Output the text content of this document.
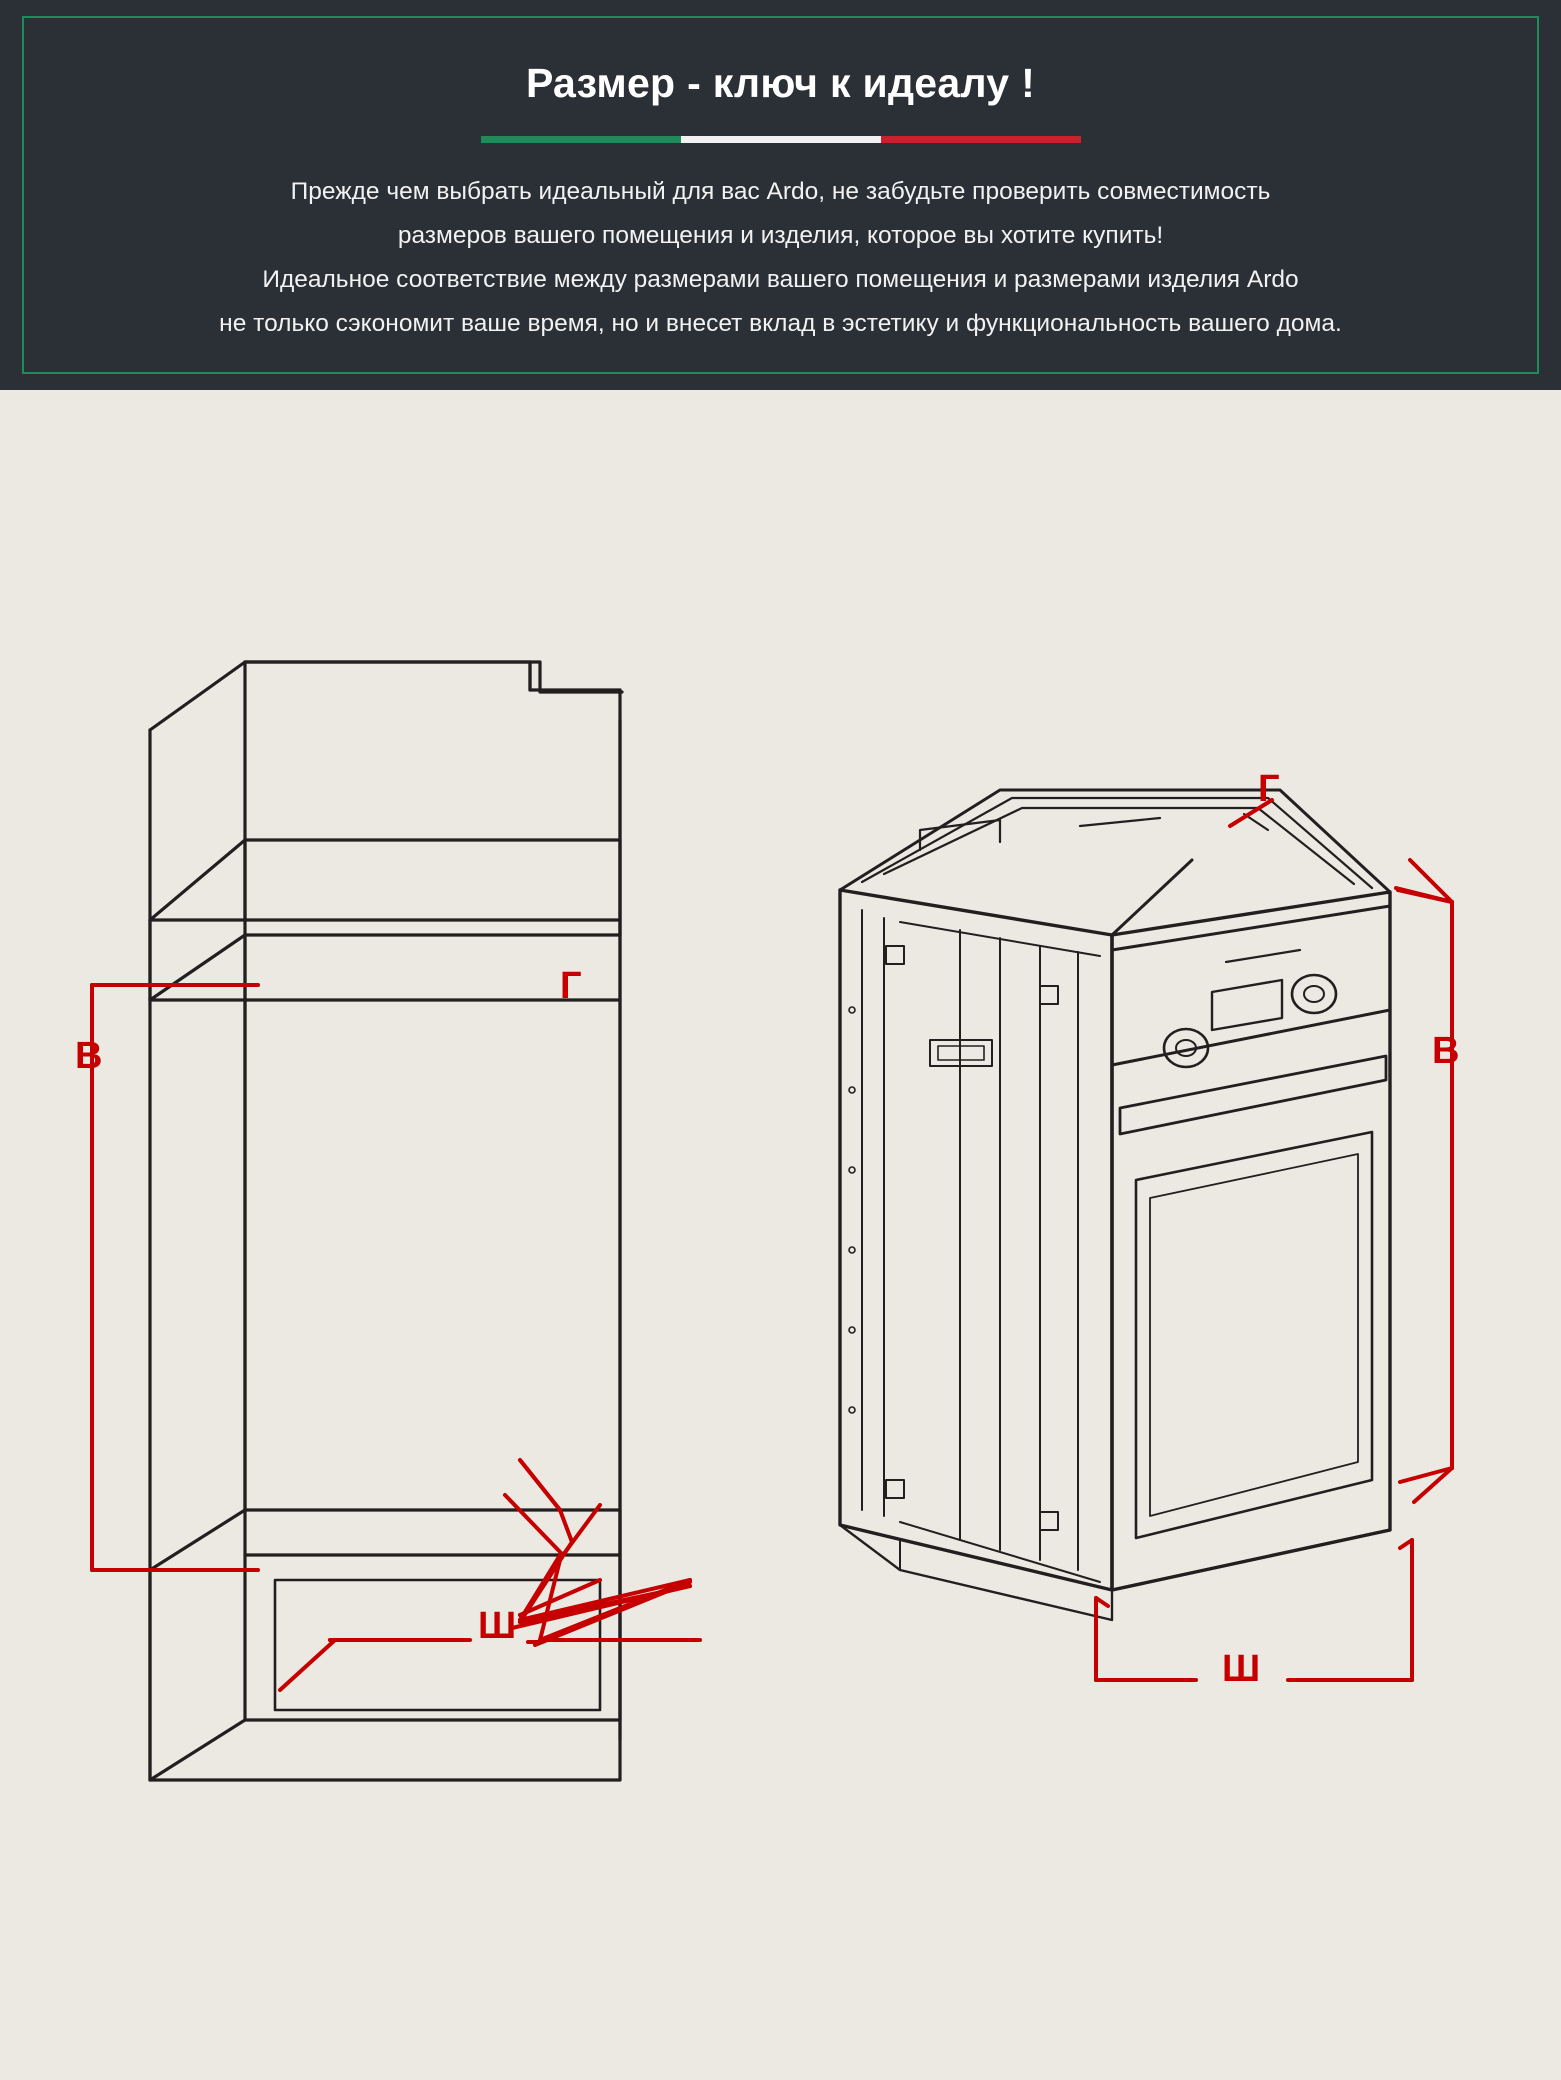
Размер - ключ к идеалу !
Прежде чем выбрать идеальный для вас Ardo, не забудьте проверить совместимость
размеров вашего помещения и изделия, которое вы хотите купить!
Идеальное соответствие между размерами вашего помещения и размерами изделия Ardo
не только сэкономит ваше время, но и внесет вклад в эстетику и функциональность вашего дома.
В
Г
Ш
Г
В
Ш
